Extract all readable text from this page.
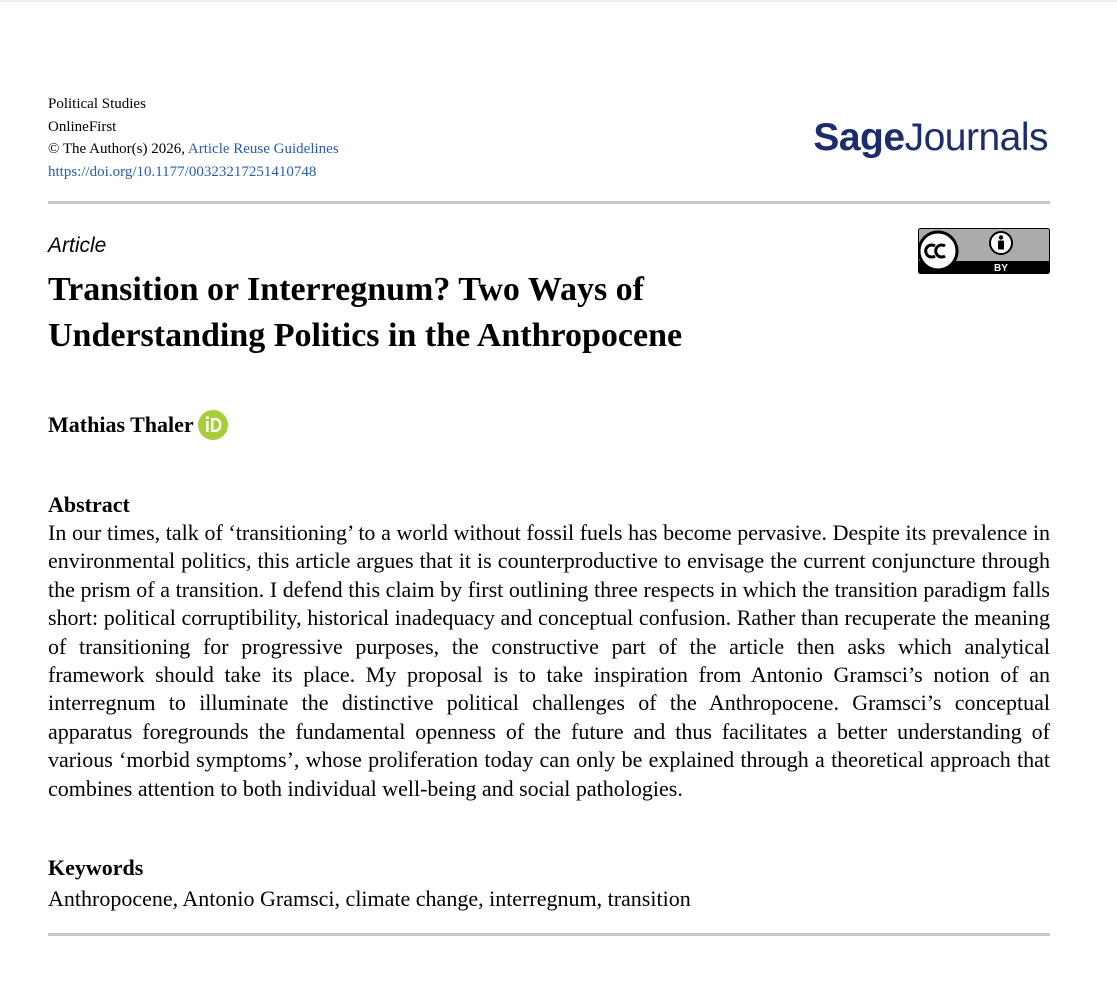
Political Studies
OnlineFirst
© The Author(s) 2026, Article Reuse Guidelines
https://doi.org/10.1177/00323217251410748
SageJournals
Article
BY
Transition or Interregnum? Two Ways of Understanding Politics in the Anthropocene
Mathias Thaler
Abstract

In our times, talk of ‘transitioning’ to a world without fossil fuels has become pervasive. Despite its prevalence in environmental politics, this article argues that it is counterproductive to envisage the current conjuncture through the prism of a transition. I defend this claim by first outlining three respects in which the transition paradigm falls short: political corruptibility, historical inadequacy and conceptual confusion. Rather than recuperate the meaning of transitioning for progressive purposes, the constructive part of the article then asks which analytical framework should take its place. My proposal is to take inspiration from Antonio Gramsci’s notion of an interregnum to illuminate the distinctive political challenges of the Anthropocene. Gramsci’s conceptual apparatus foregrounds the fundamental openness of the future and thus facilitates a better understanding of various ‘morbid symptoms’, whose proliferation today can only be explained through a theoretical approach that combines attention to both individual well-being and social pathologies.

Keywords
Anthropocene, Antonio Gramsci, climate change, interregnum, transition
